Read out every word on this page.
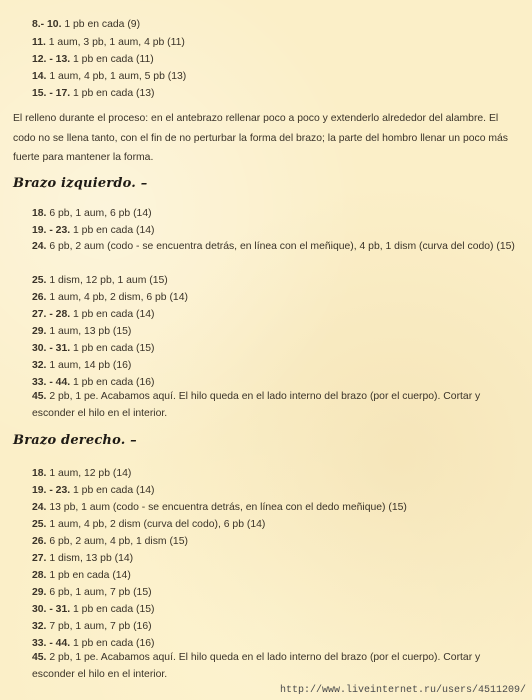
8.- 10. 1 pb en cada (9)
11. 1 aum, 3 pb, 1 aum, 4 pb (11)
12. - 13. 1 pb en cada (11)
14. 1 aum, 4 pb, 1 aum, 5 pb (13)
15. - 17. 1 pb en cada (13)
El relleno durante el proceso: en el antebrazo rellenar poco a poco y extenderlo alrededor del alambre. El codo no se llena tanto, con el fin de no perturbar la forma del brazo; la parte del hombro llenar un poco más fuerte para mantener la forma.
Brazo izquierdo. –
18. 6 pb, 1 aum, 6 pb (14)
19. - 23. 1 pb en cada (14)
24. 6 pb, 2 aum (codo - se encuentra detrás, en línea con el meñique), 4 pb, 1 dism (curva del codo) (15)
25. 1 dism, 12 pb, 1 aum (15)
26. 1 aum, 4 pb, 2 dism, 6 pb (14)
27. - 28. 1 pb en cada (14)
29. 1 aum, 13 pb (15)
30. - 31. 1 pb en cada (15)
32. 1 aum, 14 pb (16)
33. - 44. 1 pb en cada (16)
45. 2 pb, 1 pe. Acabamos aquí. El hilo queda en el lado interno del brazo (por el cuerpo). Cortar y esconder el hilo en el interior.
Brazo derecho. –
18. 1 aum, 12 pb (14)
19. - 23. 1 pb en cada (14)
24. 13 pb, 1 aum (codo - se encuentra detrás, en línea con el dedo meñique) (15)
25. 1 aum, 4 pb, 2 dism (curva del codo), 6 pb (14)
26. 6 pb, 2 aum, 4 pb, 1 dism (15)
27. 1 dism, 13 pb (14)
28. 1 pb en cada (14)
29. 6 pb, 1 aum, 7 pb (15)
30. - 31. 1 pb en cada (15)
32. 7 pb, 1 aum, 7 pb (16)
33. - 44. 1 pb en cada (16)
45. 2 pb, 1 pe. Acabamos aquí. El hilo queda en el lado interno del brazo (por el cuerpo). Cortar y esconder el hilo en el interior.
http://www.liveinternet.ru/users/4511209/
